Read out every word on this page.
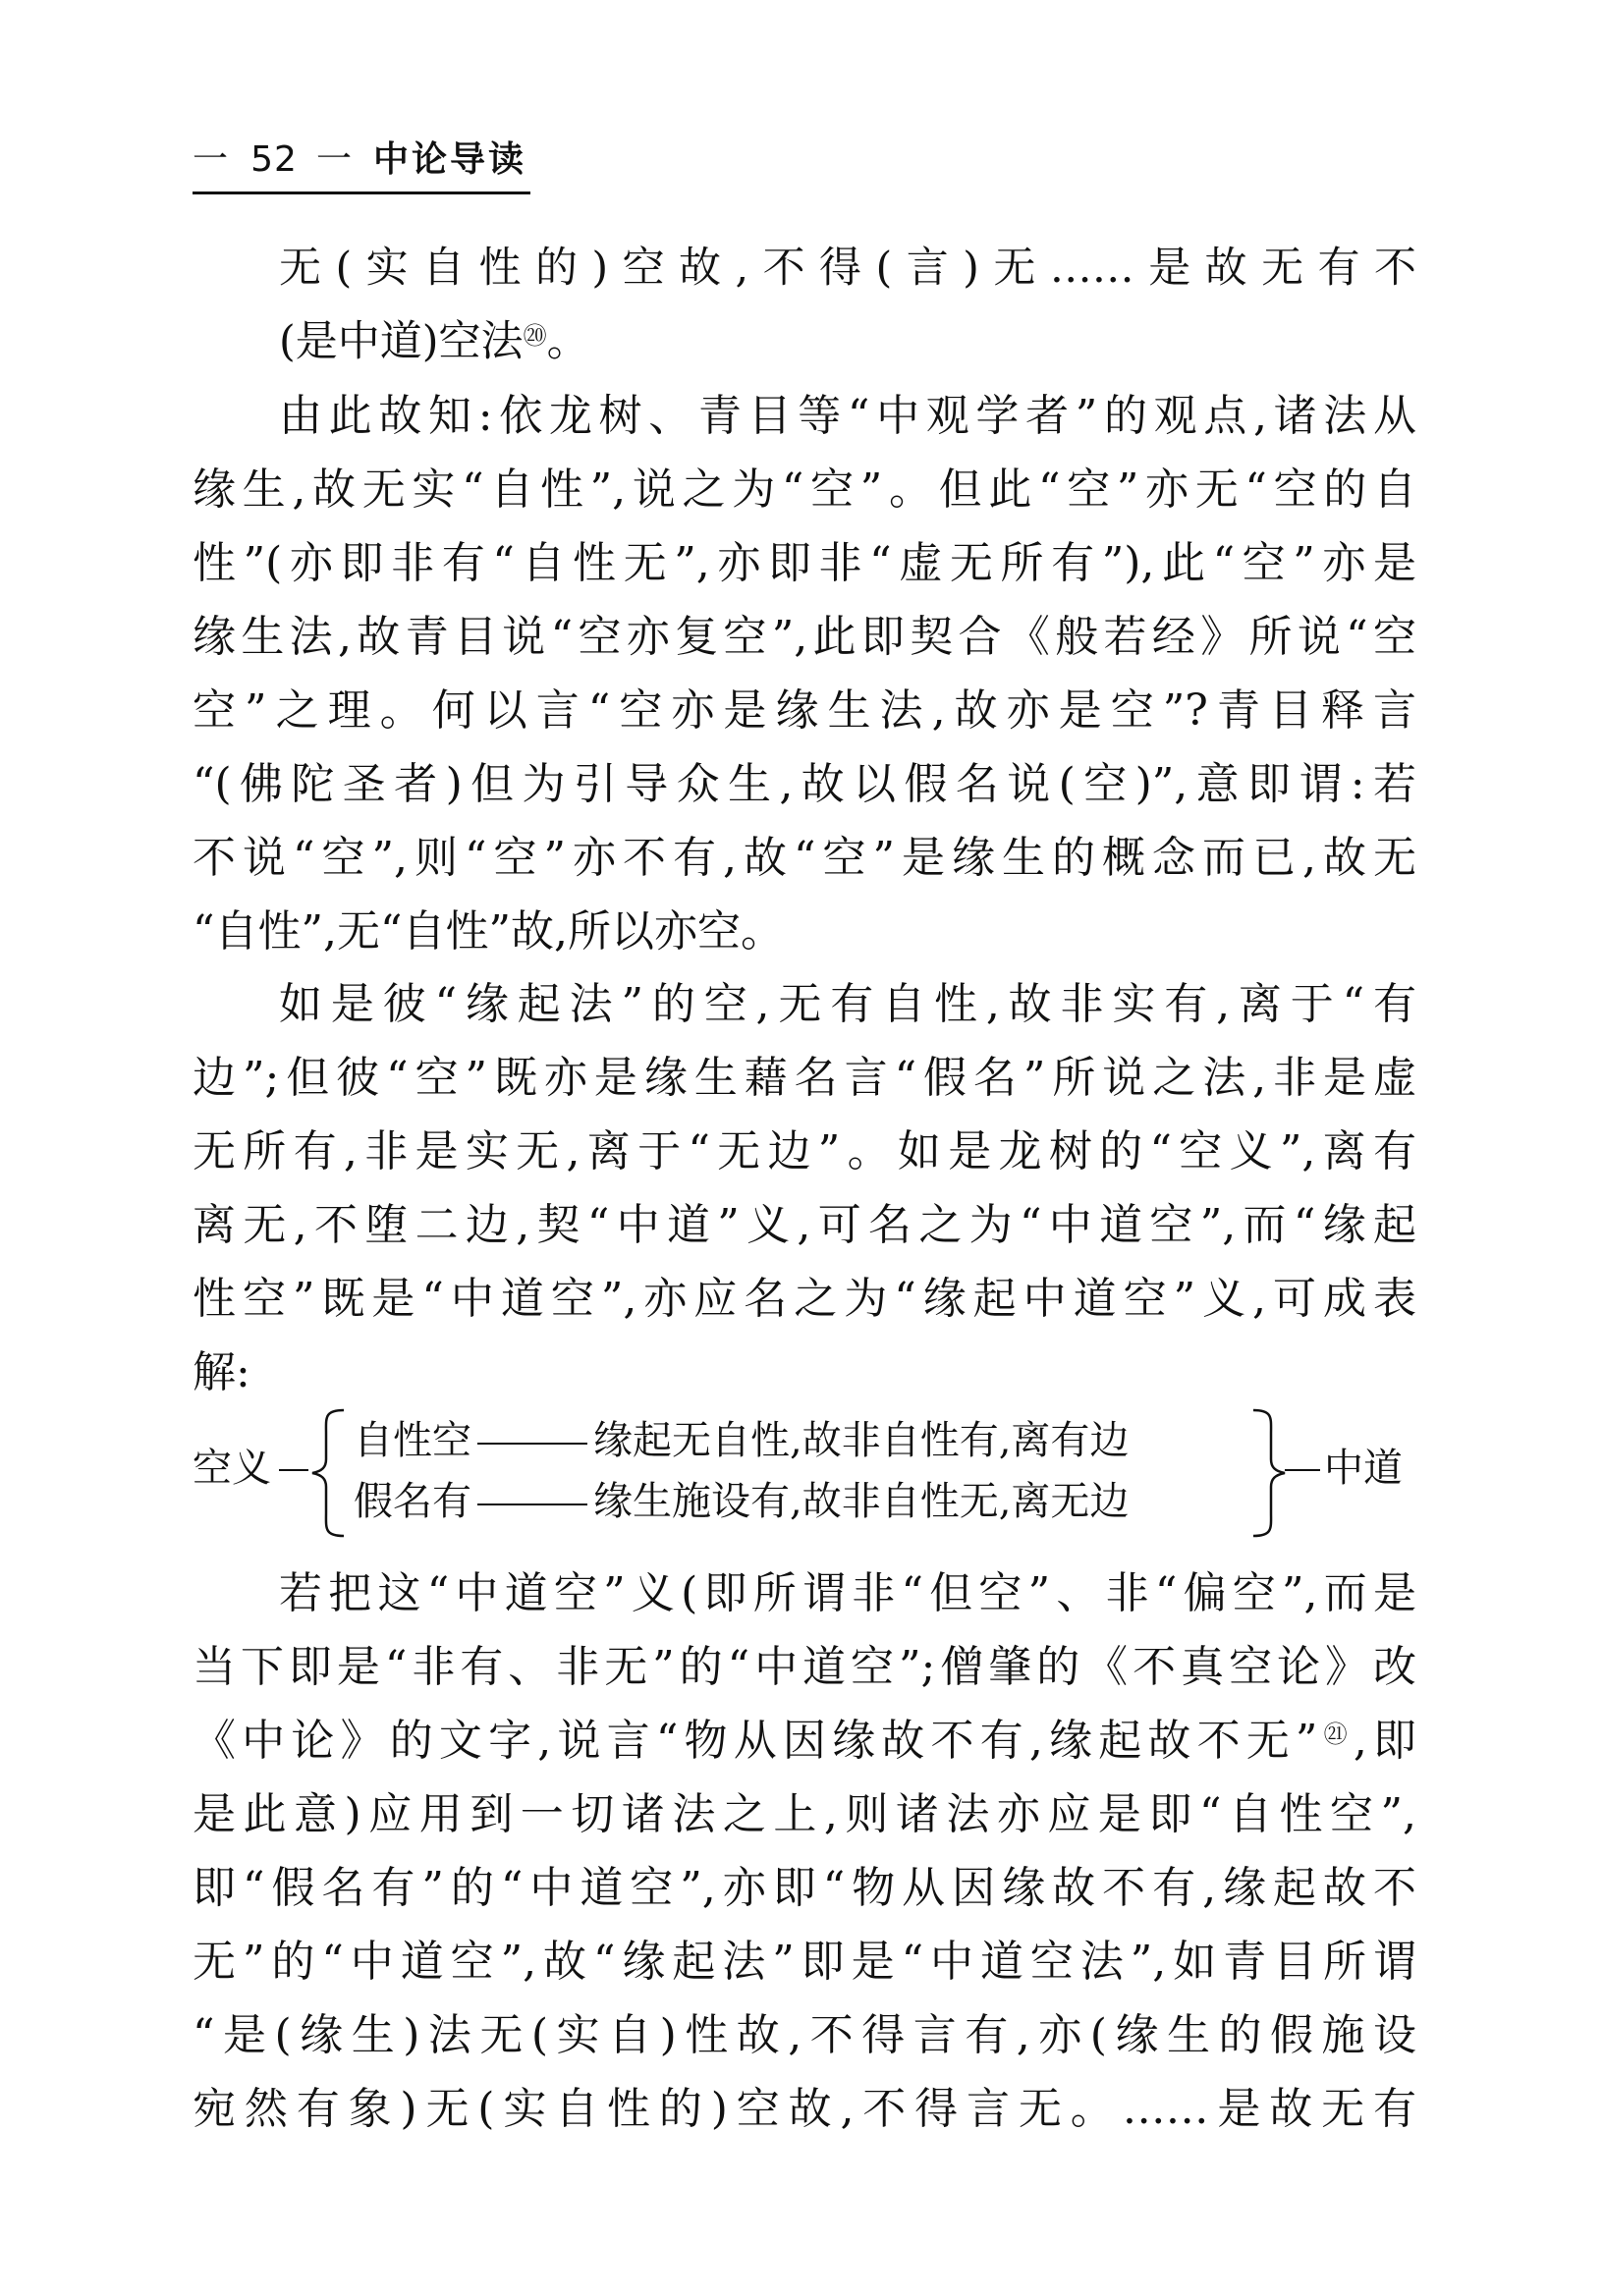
一 52 一 中论导读
无(实自性的)空故,不得(言)无……是故无有不
(是中道)空法⑳。
由此故知:依龙树、青目等“中观学者”的观点,诸法从
缘生,故无实“自性”,说之为“空”。但此“空”亦无“空的自
性”(亦即非有“自性无”,亦即非“虚无所有”),此“空”亦是
缘生法,故青目说“空亦复空”,此即契合《般若经》所说“空
空”之理。何以言“空亦是缘生法,故亦是空”?青目释言
“(佛陀圣者)但为引导众生,故以假名说(空)”,意即谓:若
不说“空”,则“空”亦不有,故“空”是缘生的概念而已,故无
“自性”,无“自性”故,所以亦空。
如是彼“缘起法”的空,无有自性,故非实有,离于“有
边”;但彼“空”既亦是缘生藉名言“假名”所说之法,非是虚
无所有,非是实无,离于“无边”。如是龙树的“空义”,离有
离无,不堕二边,契“中道”义,可名之为“中道空”,而“缘起
性空”既是“中道空”,亦应名之为“缘起中道空”义,可成表
解:
空义
自性空	缘起无自性,故非自性有,离有边
假名有	缘生施设有,故非自性无,离无边
中道
若把这“中道空”义(即所谓非“但空”、非“偏空”,而是
当下即是“非有、非无”的“中道空”;僧肇的《不真空论》改
《中论》的文字,说言“物从因缘故不有,缘起故不无”$^㉑$,即
是此意)应用到一切诸法之上,则诸法亦应是即“自性空”,
即“假名有”的“中道空”,亦即“物从因缘故不有,缘起故不
无”的“中道空”,故“缘起法”即是“中道空法”,如青目所谓
“是(缘生)法无(实自)性故,不得言有,亦(缘生的假施设
宛然有象)无(实自性的)空故,不得言无。……是故无有
